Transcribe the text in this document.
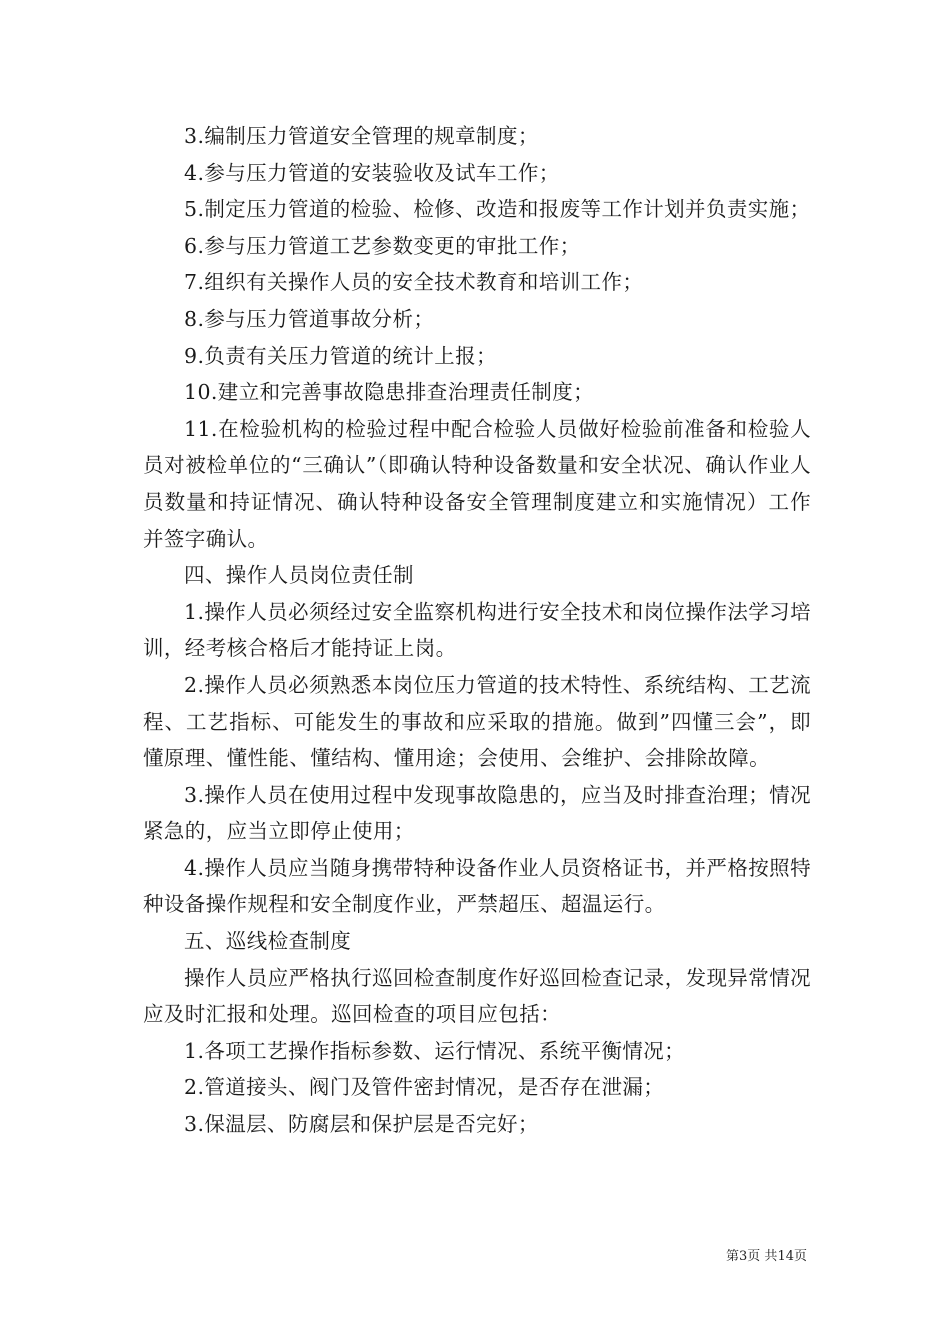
3.编制压力管道安全管理的规章制度；

4.参与压力管道的安装验收及试车工作；

5.制定压力管道的检验、检修、改造和报废等工作计划并负责实施；

6.参与压力管道工艺参数变更的审批工作；

7.组织有关操作人员的安全技术教育和培训工作；

8.参与压力管道事故分析；

9.负责有关压力管道的统计上报；

10.建立和完善事故隐患排查治理责任制度；

11.在检验机构的检验过程中配合检验人员做好检验前准备和检验人员对被检单位的“三确认”（即确认特种设备数量和安全状况、确认作业人员数量和持证情况、确认特种设备安全管理制度建立和实施情况）工作并签字确认。

四、操作人员岗位责任制

1.操作人员必须经过安全监察机构进行安全技术和岗位操作法学习培训，经考核合格后才能持证上岗。

2.操作人员必须熟悉本岗位压力管道的技术特性、系统结构、工艺流程、工艺指标、可能发生的事故和应采取的措施。做到”四懂三会”，即懂原理、懂性能、懂结构、懂用途；会使用、会维护、会排除故障。

3.操作人员在使用过程中发现事故隐患的，应当及时排查治理；情况紧急的，应当立即停止使用；

4.操作人员应当随身携带特种设备作业人员资格证书，并严格按照特种设备操作规程和安全制度作业，严禁超压、超温运行。

五、巡线检查制度

操作人员应严格执行巡回检查制度作好巡回检查记录，发现异常情况应及时汇报和处理。巡回检查的项目应包括：

1.各项工艺操作指标参数、运行情况、系统平衡情况；

2.管道接头、阀门及管件密封情况，是否存在泄漏；

3.保温层、防腐层和保护层是否完好；

第3页 共14页
